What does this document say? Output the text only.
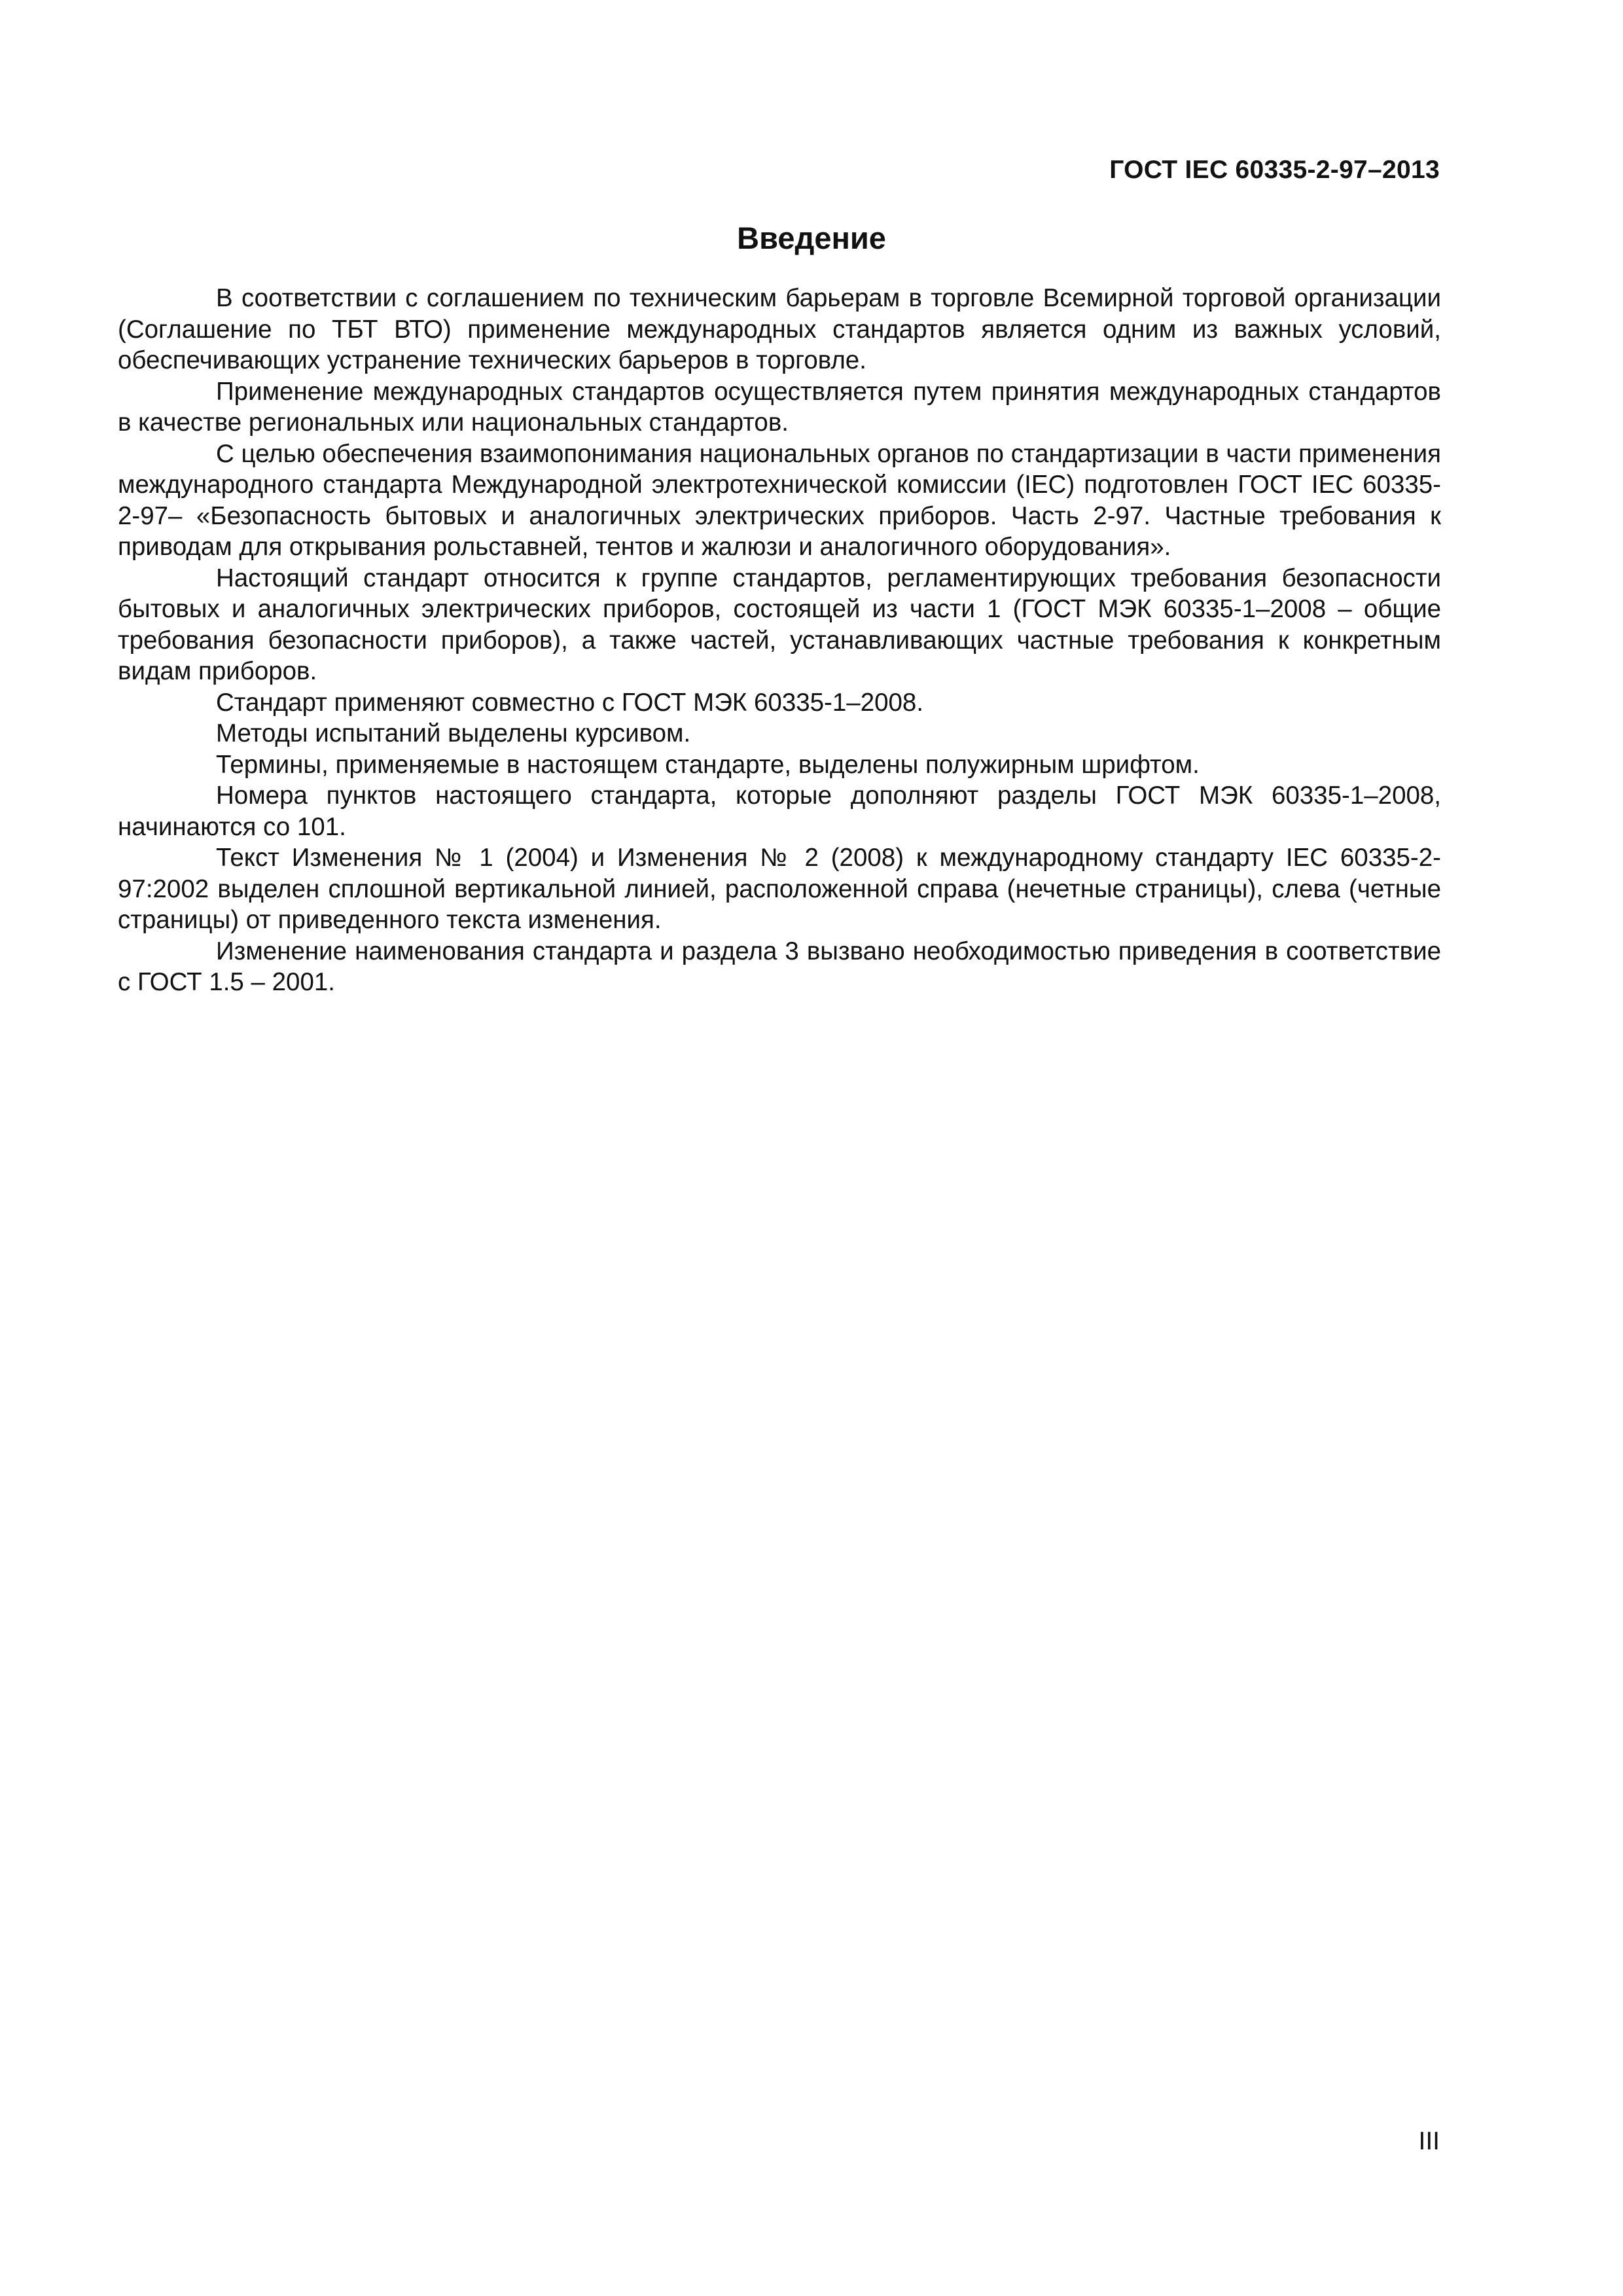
ГОСТ IEC 60335-2-97–2013
Введение

В соответствии с соглашением по техническим барьерам в торговле Всемирной торговой организации (Соглашение по ТБТ ВТО) применение международных стандартов является одним из важных условий, обеспечивающих устранение технических барьеров в торговле.

Применение международных стандартов осуществляется путем принятия международных стандартов в качестве региональных или национальных стандартов.

С целью обеспечения взаимопонимания национальных органов по стандартизации в части применения международного стандарта Международной электротехнической комиссии (IEC) подготовлен ГОСТ IEC 60335-2-97– «Безопасность бытовых и аналогичных электрических приборов. Часть 2-97. Частные требования к приводам для открывания рольставней, тентов и жалюзи и аналогичного оборудования».

Настоящий стандарт относится к группе стандартов, регламентирующих требования безопасности бытовых и аналогичных электрических приборов, состоящей из части 1 (ГОСТ МЭК 60335-1–2008 – общие требования безопасности приборов), а также частей, устанавливающих частные требования к конкретным видам приборов.

Стандарт применяют совместно с ГОСТ МЭК 60335-1–2008.

Методы испытаний выделены курсивом.

Термины, применяемые в настоящем стандарте, выделены полужирным шрифтом.

Номера пунктов настоящего стандарта, которые дополняют разделы ГОСТ МЭК 60335-1–2008, начинаются со 101.

Текст Изменения № 1 (2004) и Изменения № 2 (2008) к международному стандарту IEC 60335-2-97:2002 выделен сплошной вертикальной линией, расположенной справа (нечетные страницы), слева (четные страницы) от приведенного текста изменения.

Изменение наименования стандарта и раздела 3 вызвано необходимостью приведения в соответствие с ГОСТ 1.5 – 2001.

III
